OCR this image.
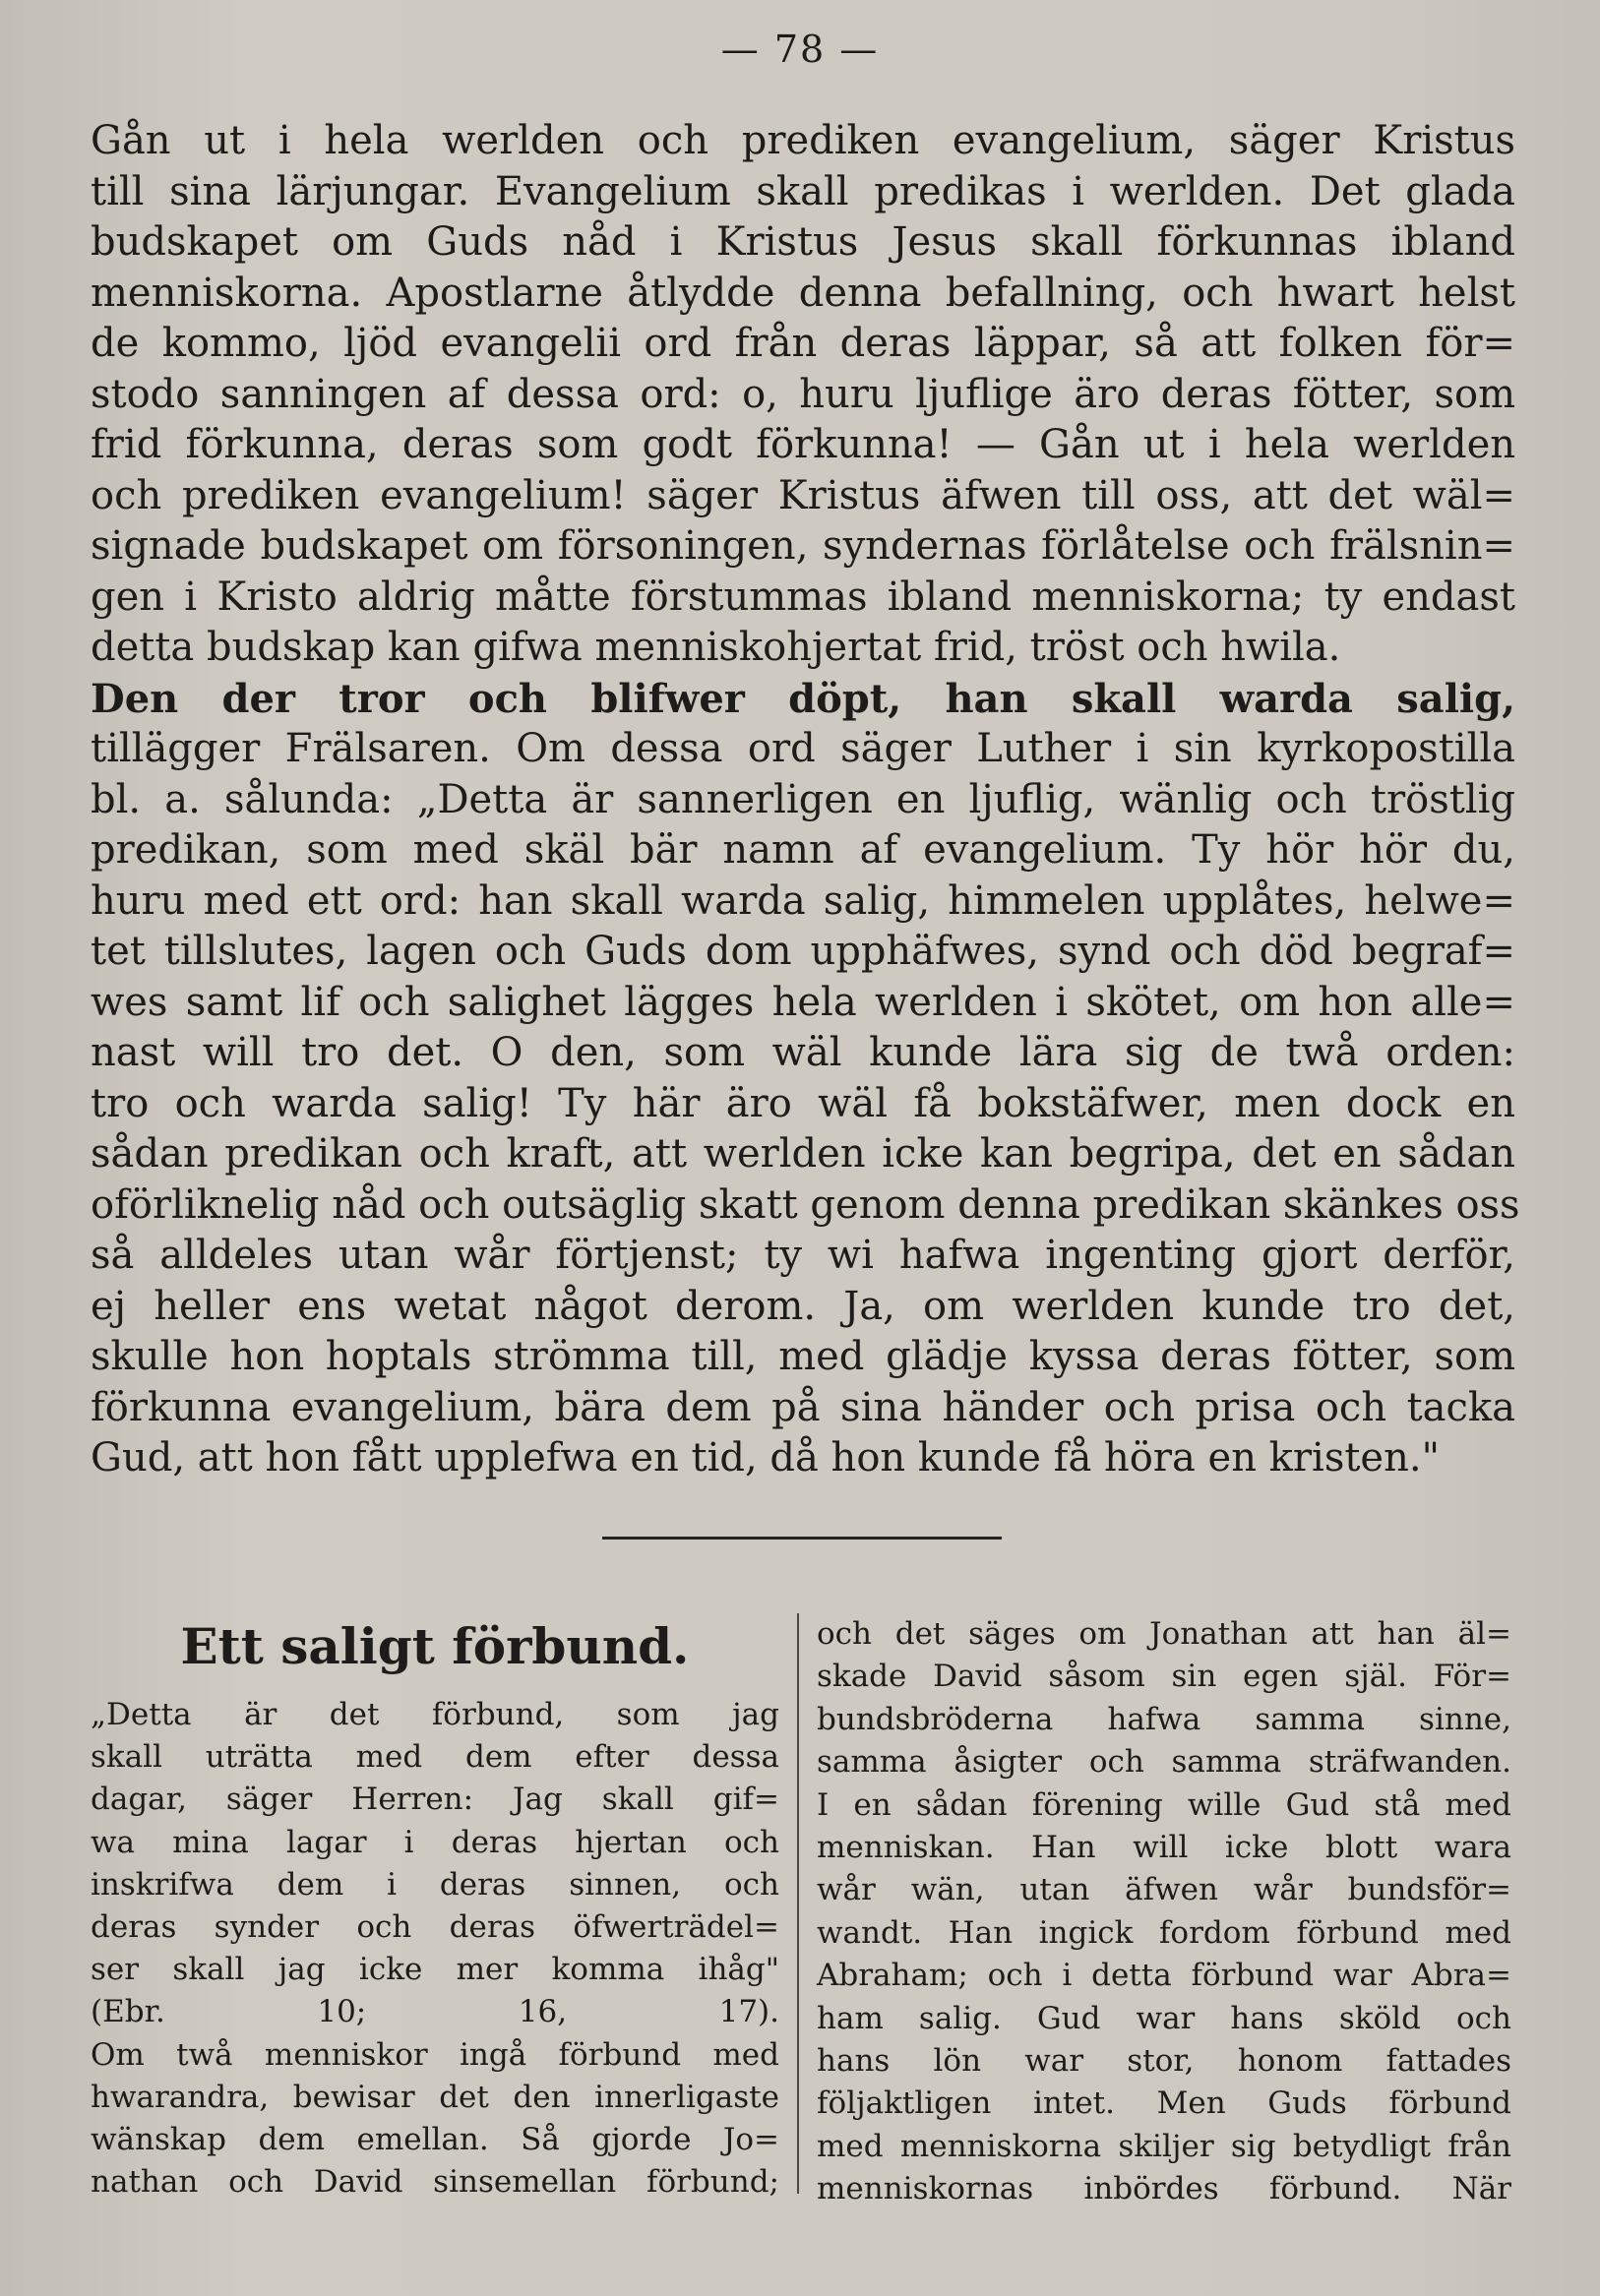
— 78 —
Gån ut i hela werlden och prediken evangelium, säger Kristus
till sina lärjungar. Evangelium skall predikas i werlden. Det glada
budskapet om Guds nåd i Kristus Jesus skall förkunnas ibland
menniskorna. Apostlarne åtlydde denna befallning, och hwart helst
de kommo, ljöd evangelii ord från deras läppar, så att folken för=
stodo sanningen af dessa ord: o, huru ljuflige äro deras fötter, som
frid förkunna, deras som godt förkunna! — Gån ut i hela werlden
och prediken evangelium! säger Kristus äfwen till oss, att det wäl=
signade budskapet om försoningen, syndernas förlåtelse och frälsnin=
gen i Kristo aldrig måtte förstummas ibland menniskorna; ty endast
detta budskap kan gifwa menniskohjertat frid, tröst och hwila.
Den der tror och blifwer döpt, han skall warda salig,
tillägger Frälsaren. Om dessa ord säger Luther i sin kyrkopostilla
bl. a. sålunda: „Detta är sannerligen en ljuflig, wänlig och tröstlig
predikan, som med skäl bär namn af evangelium. Ty hör hör du,
huru med ett ord: han skall warda salig, himmelen upplåtes, helwe=
tet tillslutes, lagen och Guds dom upphäfwes, synd och död begraf=
wes samt lif och salighet lägges hela werlden i skötet, om hon alle=
nast will tro det. O den, som wäl kunde lära sig de twå orden:
tro och warda salig! Ty här äro wäl få bokstäfwer, men dock en
sådan predikan och kraft, att werlden icke kan begripa, det en sådan
oförliknelig nåd och outsäglig skatt genom denna predikan skänkes oss
så alldeles utan wår förtjenst; ty wi hafwa ingenting gjort derför,
ej heller ens wetat något derom. Ja, om werlden kunde tro det,
skulle hon hoptals strömma till, med glädje kyssa deras fötter, som
förkunna evangelium, bära dem på sina händer och prisa och tacka
Gud, att hon fått upplefwa en tid, då hon kunde få höra en kristen."
Ett saligt förbund.
„Detta är det förbund, som jag
skall uträtta med dem efter dessa
dagar, säger Herren: Jag skall gif=
wa mina lagar i deras hjertan och
inskrifwa dem i deras sinnen, och
deras synder och deras öfwerträdel=
ser skall jag icke mer komma ihåg"
(Ebr. 10; 16, 17).
Om twå menniskor ingå förbund med
hwarandra, bewisar det den innerligaste
wänskap dem emellan. Så gjorde Jo=
nathan och David sinsemellan förbund;
och det säges om Jonathan att han äl=
skade David såsom sin egen själ. För=
bundsbröderna hafwa samma sinne,
samma åsigter och samma sträfwanden.
I en sådan förening wille Gud stå med
menniskan. Han will icke blott wara
wår wän, utan äfwen wår bundsför=
wandt. Han ingick fordom förbund med
Abraham; och i detta förbund war Abra=
ham salig. Gud war hans sköld och
hans lön war stor, honom fattades
följaktligen intet. Men Guds förbund
med menniskorna skiljer sig betydligt från
menniskornas inbördes förbund. När
